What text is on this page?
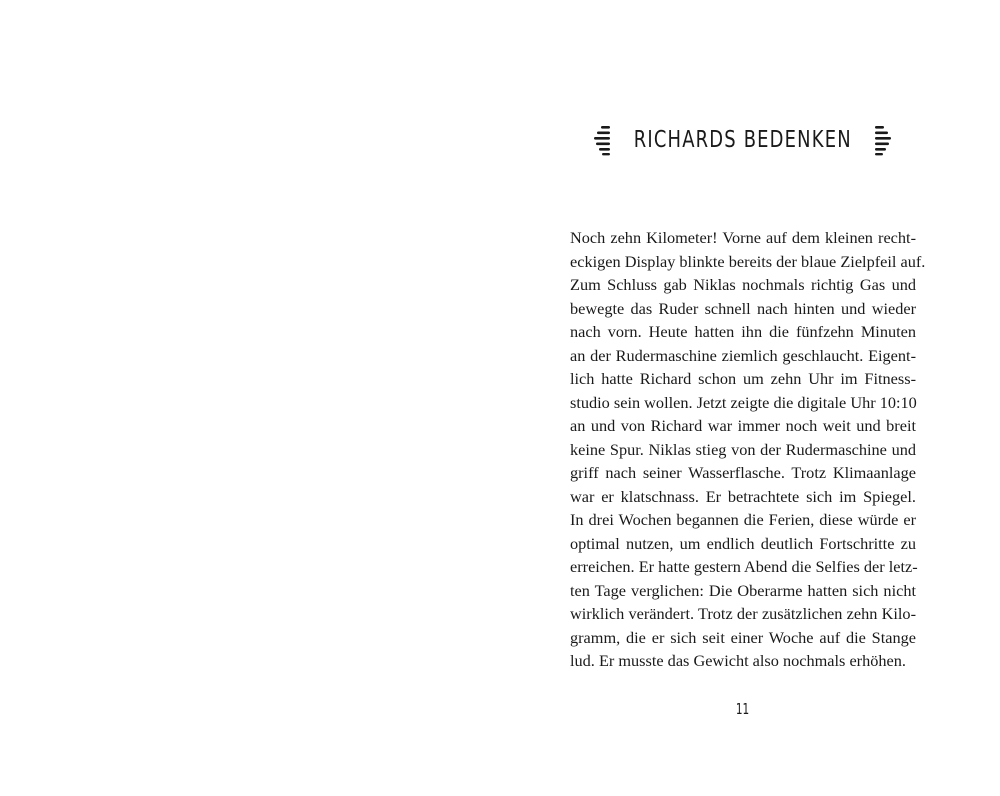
RICHARDS BEDENKEN
Noch zehn Kilometer! Vorne auf dem kleinen recht-
eckigen Display blinkte bereits der blaue Zielpfeil auf.
Zum Schluss gab Niklas nochmals richtig Gas und
bewegte das Ruder schnell nach hinten und wieder
nach vorn. Heute hatten ihn die fünfzehn Minuten
an der Rudermaschine ziemlich geschlaucht. Eigent-
lich hatte Richard schon um zehn Uhr im Fitness-
studio sein wollen. Jetzt zeigte die digitale Uhr 10:10
an und von Richard war immer noch weit und breit
keine Spur. Niklas stieg von der Rudermaschine und
griff nach seiner Wasserflasche. Trotz Klimaanlage
war er klatschnass. Er betrachtete sich im Spiegel.
In drei Wochen begannen die Ferien, diese würde er
optimal nutzen, um endlich deutlich Fortschritte zu
erreichen. Er hatte gestern Abend die Selfies der letz-
ten Tage verglichen: Die Oberarme hatten sich nicht
wirklich verändert. Trotz der zusätzlichen zehn Kilo-
gramm, die er sich seit einer Woche auf die Stange
lud. Er musste das Gewicht also nochmals erhöhen.
11
